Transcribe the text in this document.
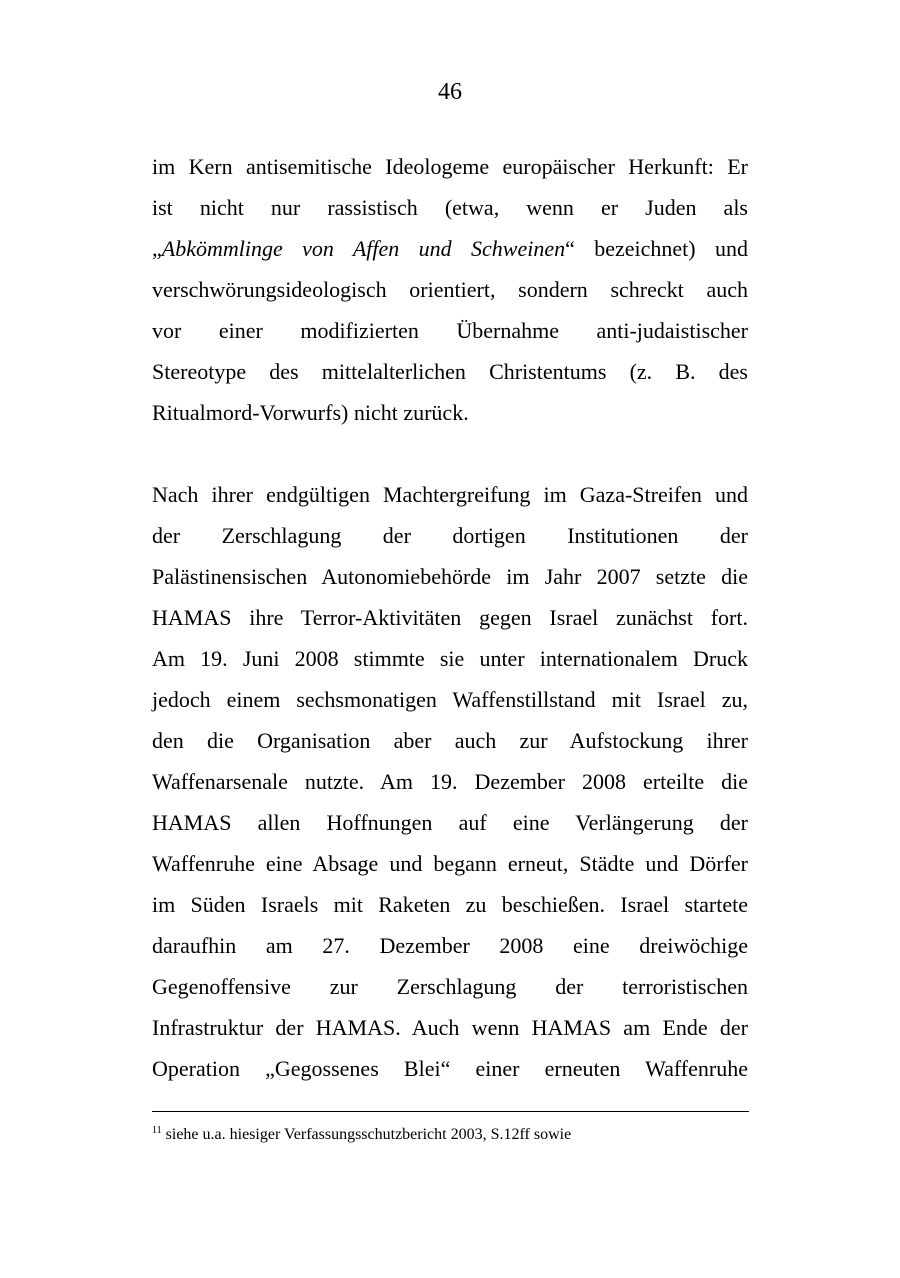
46

im Kern antisemitische Ideologeme europäischer Herkunft: Er
ist nicht nur rassistisch (etwa, wenn er Juden als
„Abkömmlinge von Affen und Schweinen“ bezeichnet) und
verschwörungsideologisch orientiert, sondern schreckt auch
vor einer modifizierten Übernahme anti-judaistischer
Stereotype des mittelalterlichen Christentums (z. B. des
Ritualmord-Vorwurfs) nicht zurück.

Nach ihrer endgültigen Machtergreifung im Gaza-Streifen und
der Zerschlagung der dortigen Institutionen der
Palästinensischen Autonomiebehörde im Jahr 2007 setzte die
HAMAS ihre Terror-Aktivitäten gegen Israel zunächst fort.
Am 19. Juni 2008 stimmte sie unter internationalem Druck
jedoch einem sechsmonatigen Waffenstillstand mit Israel zu,
den die Organisation aber auch zur Aufstockung ihrer
Waffenarsenale nutzte. Am 19. Dezember 2008 erteilte die
HAMAS allen Hoffnungen auf eine Verlängerung der
Waffenruhe eine Absage und begann erneut, Städte und Dörfer
im Süden Israels mit Raketen zu beschießen. Israel startete
daraufhin am 27. Dezember 2008 eine dreiwöchige
Gegenoffensive zur Zerschlagung der terroristischen
Infrastruktur der HAMAS. Auch wenn HAMAS am Ende der
Operation „Gegossenes Blei“ einer erneuten Waffenruhe

$^{11}$ siehe u.a. hiesiger Verfassungsschutzbericht 2003, S.12ff sowie
